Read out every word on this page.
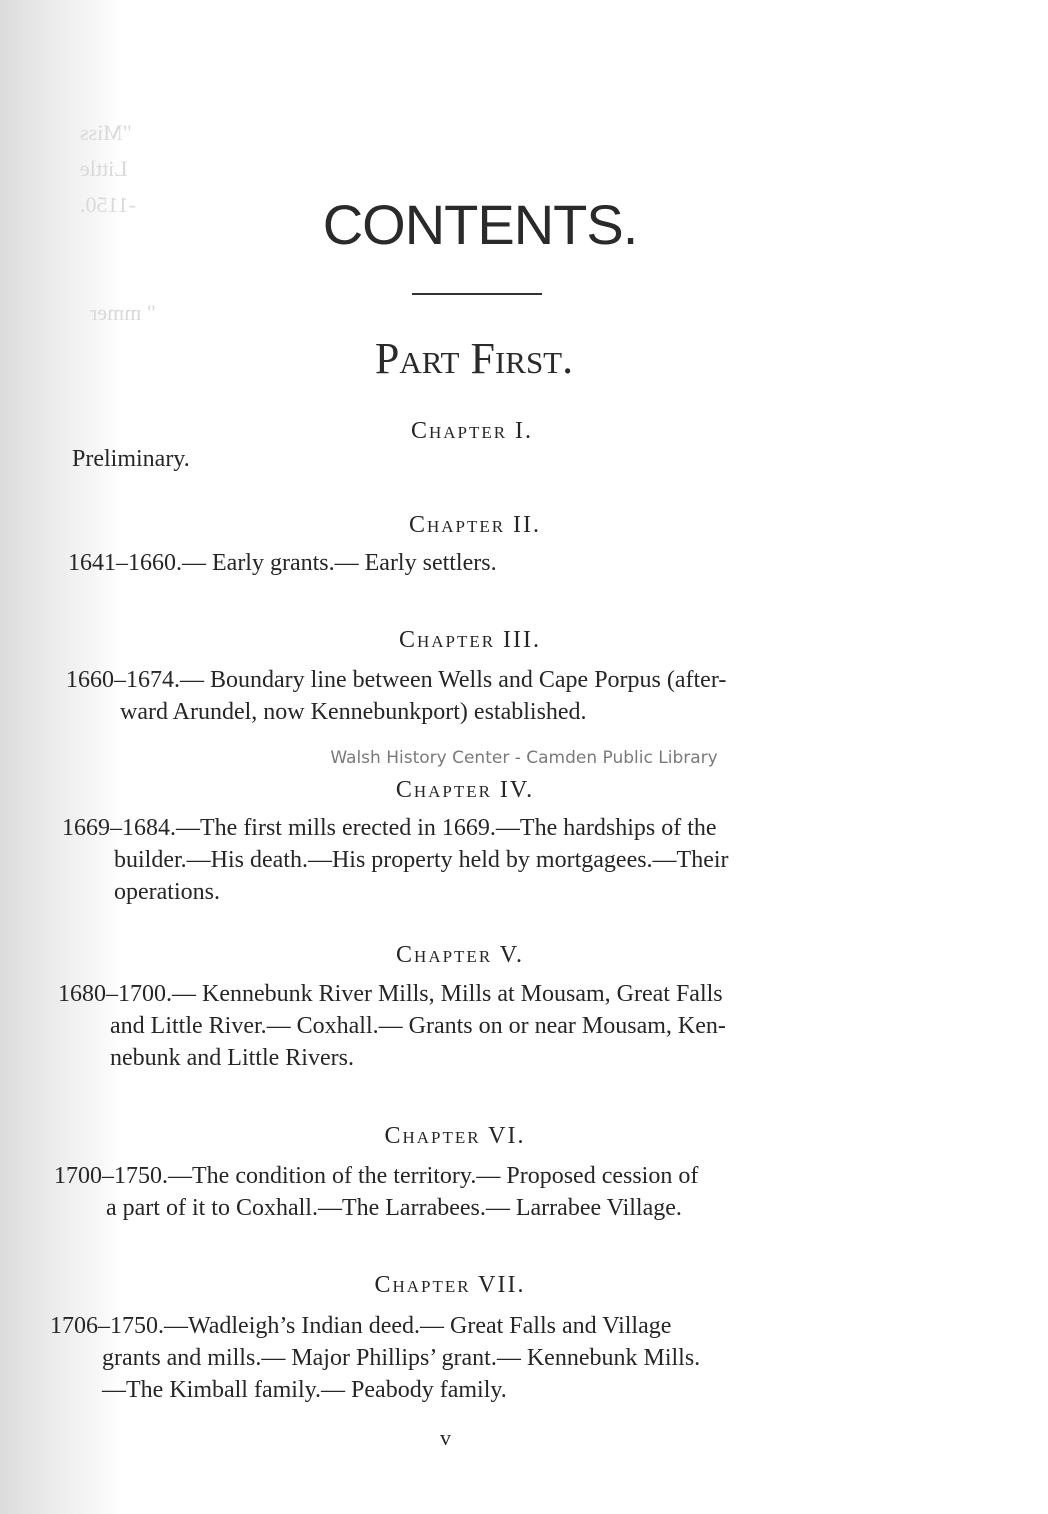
"Miss
Little
-1150.
" mmer
CONTENTS.
Part First.
Chapter I.
Preliminary.
Chapter II.
1641–1660.— Early grants.— Early settlers.
Chapter III.
1660–1674.— Boundary line between Wells and Cape Porpus (after-
ward Arundel, now Kennebunkport) established.
Walsh History Center - Camden Public Library
Chapter IV.
1669–1684.—The first mills erected in 1669.—The hardships of the
builder.—His death.—His property held by mortgagees.—Their
operations.
Chapter V.
1680–1700.— Kennebunk River Mills, Mills at Mousam, Great Falls
and Little River.— Coxhall.— Grants on or near Mousam, Ken-
nebunk and Little Rivers.
Chapter VI.
1700–1750.—The condition of the territory.— Proposed cession of
a part of it to Coxhall.—The Larrabees.— Larrabee Village.
Chapter VII.
1706–1750.—Wadleigh’s Indian deed.— Great Falls and Village
grants and mills.— Major Phillips’ grant.— Kennebunk Mills.
—The Kimball family.— Peabody family.
v
